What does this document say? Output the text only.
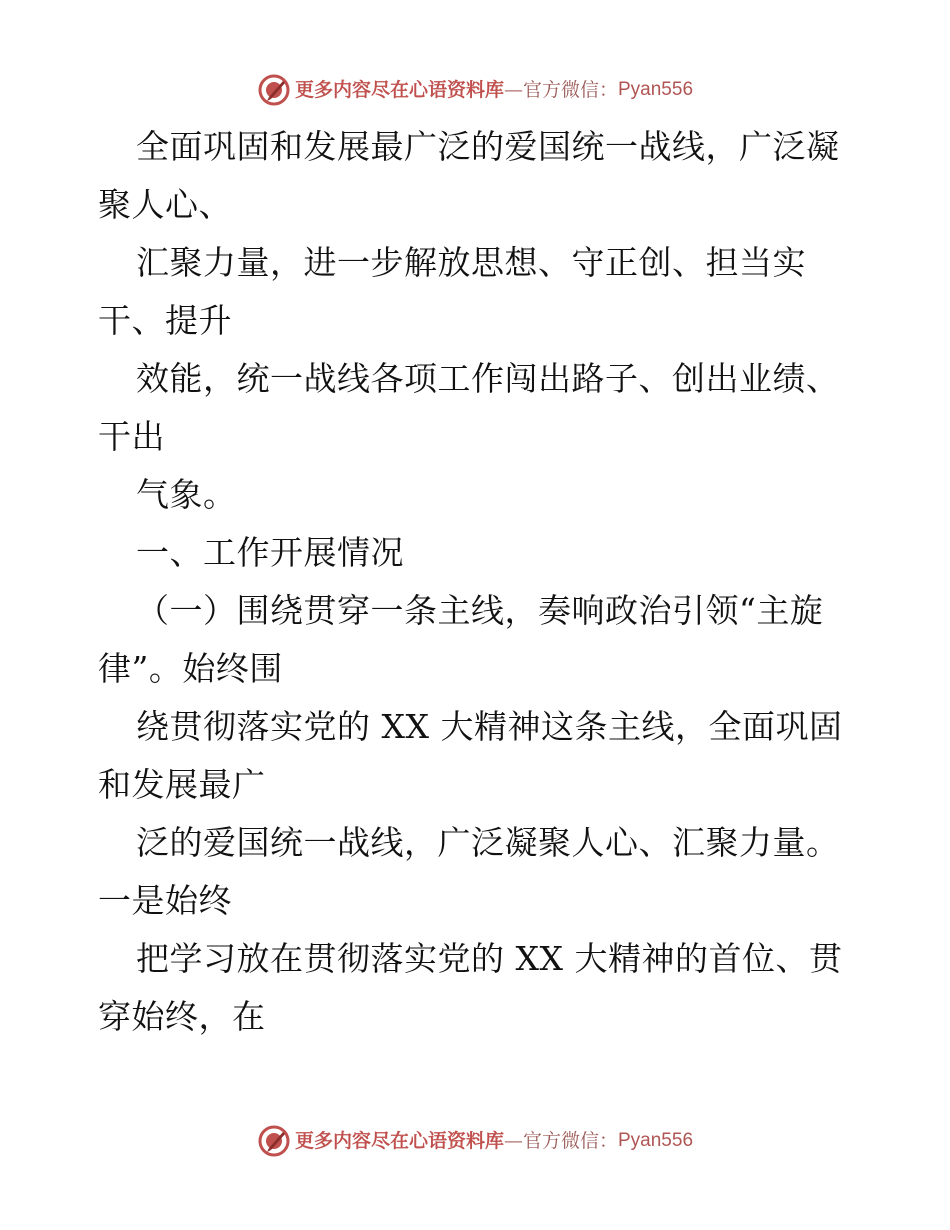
更多内容尽在心语资料库 — 官方微信： Pyan556
全面巩固和发展最广泛的爱国统一战线，广泛凝
聚人心、
汇聚力量，进一步解放思想、守正创、担当实
干、提升
效能，统一战线各项工作闯出路子、创出业绩、
干出
气象。
一、工作开展情况
（一）围绕贯穿一条主线，奏响政治引领“主旋
律”。始终围
绕贯彻落实党的 XX 大精神这条主线，全面巩固
和发展最广
泛的爱国统一战线，广泛凝聚人心、汇聚力量。
一是始终
把学习放在贯彻落实党的 XX 大精神的首位、贯
穿始终，在
更多内容尽在心语资料库 — 官方微信： Pyan556
